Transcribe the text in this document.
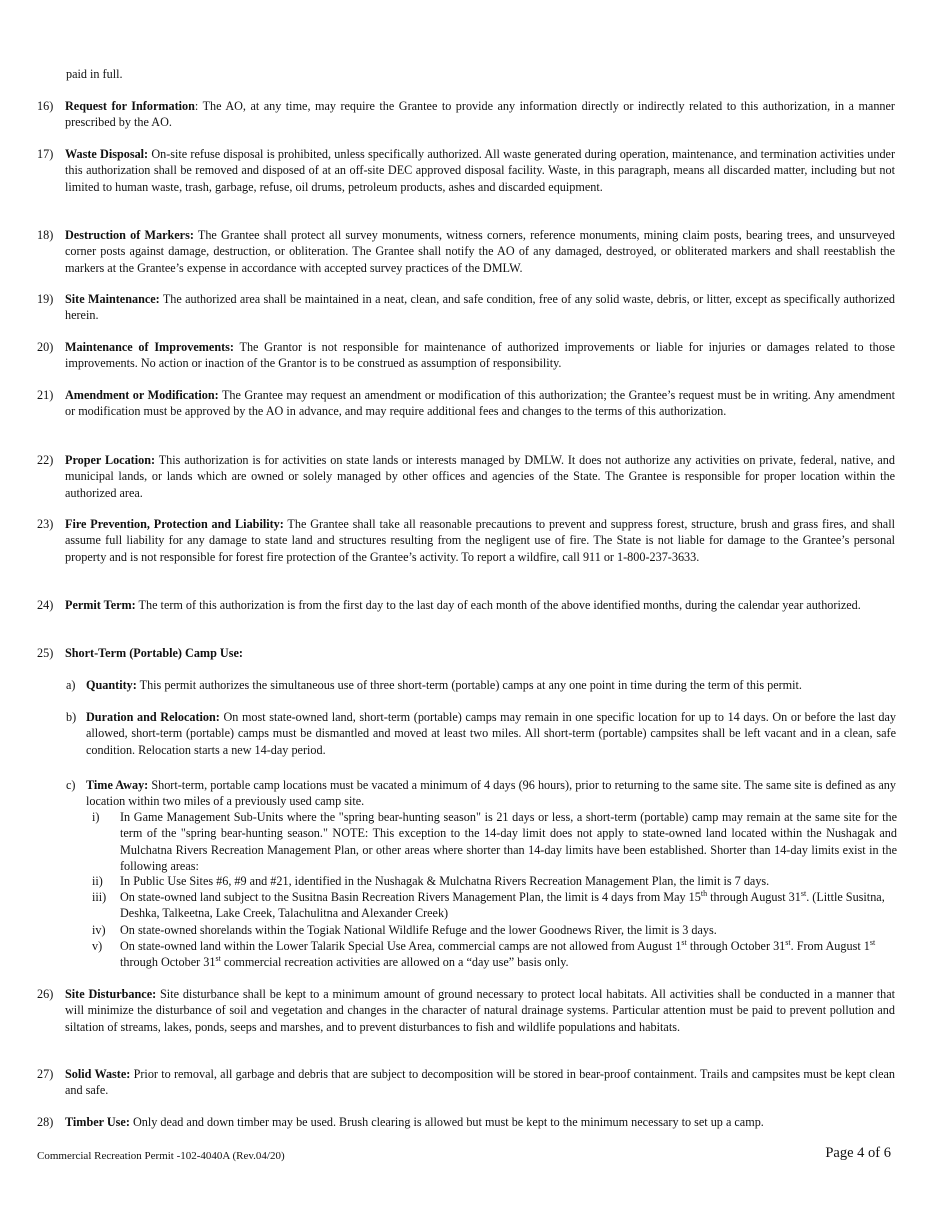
paid in full.

16) Request for Information: The AO, at any time, may require the Grantee to provide any information directly or indirectly related to this authorization, in a manner prescribed by the AO.

17) Waste Disposal: On-site refuse disposal is prohibited, unless specifically authorized. All waste generated during operation, maintenance, and termination activities under this authorization shall be removed and disposed of at an off-site DEC approved disposal facility. Waste, in this paragraph, means all discarded matter, including but not limited to human waste, trash, garbage, refuse, oil drums, petroleum products, ashes and discarded equipment.

18) Destruction of Markers: The Grantee shall protect all survey monuments, witness corners, reference monuments, mining claim posts, bearing trees, and unsurveyed corner posts against damage, destruction, or obliteration. The Grantee shall notify the AO of any damaged, destroyed, or obliterated markers and shall reestablish the markers at the Grantee’s expense in accordance with accepted survey practices of the DMLW.

19) Site Maintenance: The authorized area shall be maintained in a neat, clean, and safe condition, free of any solid waste, debris, or litter, except as specifically authorized herein.

20) Maintenance of Improvements: The Grantor is not responsible for maintenance of authorized improvements or liable for injuries or damages related to those improvements. No action or inaction of the Grantor is to be construed as assumption of responsibility.

21) Amendment or Modification: The Grantee may request an amendment or modification of this authorization; the Grantee’s request must be in writing. Any amendment or modification must be approved by the AO in advance, and may require additional fees and changes to the terms of this authorization.

22) Proper Location: This authorization is for activities on state lands or interests managed by DMLW. It does not authorize any activities on private, federal, native, and municipal lands, or lands which are owned or solely managed by other offices and agencies of the State. The Grantee is responsible for proper location within the authorized area.

23) Fire Prevention, Protection and Liability: The Grantee shall take all reasonable precautions to prevent and suppress forest, structure, brush and grass fires, and shall assume full liability for any damage to state land and structures resulting from the negligent use of fire. The State is not liable for damage to the Grantee’s personal property and is not responsible for forest fire protection of the Grantee’s activity. To report a wildfire, call 911 or 1-800-237-3633.

24) Permit Term: The term of this authorization is from the first day to the last day of each month of the above identified months, during the calendar year authorized.

25) Short-Term (Portable) Camp Use:

a) Quantity: This permit authorizes the simultaneous use of three short-term (portable) camps at any one point in time during the term of this permit.

b) Duration and Relocation: On most state-owned land, short-term (portable) camps may remain in one specific location for up to 14 days. On or before the last day allowed, short-term (portable) camps must be dismantled and moved at least two miles. All short-term (portable) campsites shall be left vacant and in a clean, safe condition. Relocation starts a new 14-day period.

c) Time Away: Short-term, portable camp locations must be vacated a minimum of 4 days (96 hours), prior to returning to the same site. The same site is defined as any location within two miles of a previously used camp site.

i)	In Game Management Sub-Units where the "spring bear-hunting season" is 21 days or less, a short-term (portable) camp may remain at the same site for the term of the "spring bear-hunting season." NOTE: This exception to the 14-day limit does not apply to state-owned land located within the Nushagak and Mulchatna Rivers Recreation Management Plan, or other areas where shorter than 14-day limits have been established. Shorter than 14-day limits exist in the following areas:

ii)	In Public Use Sites #6, #9 and #21, identified in the Nushagak & Mulchatna Rivers Recreation Management Plan, the limit is 7 days.

iii)	On state-owned land subject to the Susitna Basin Recreation Rivers Management Plan, the limit is 4 days from May 15th through August 31st. (Little Susitna, Deshka, Talkeetna, Lake Creek, Talachulitna and Alexander Creek)

iv)	On state-owned shorelands within the Togiak National Wildlife Refuge and the lower Goodnews River, the limit is 3 days.

v)	On state-owned land within the Lower Talarik Special Use Area, commercial camps are not allowed from August 1st through October 31st. From August 1st through October 31st commercial recreation activities are allowed on a “day use” basis only.

26) Site Disturbance: Site disturbance shall be kept to a minimum amount of ground necessary to protect local habitats. All activities shall be conducted in a manner that will minimize the disturbance of soil and vegetation and changes in the character of natural drainage systems. Particular attention must be paid to prevent pollution and siltation of streams, lakes, ponds, seeps and marshes, and to prevent disturbances to fish and wildlife populations and habitats.

27) Solid Waste: Prior to removal, all garbage and debris that are subject to decomposition will be stored in bear-proof containment. Trails and campsites must be kept clean and safe.

28) Timber Use: Only dead and down timber may be used. Brush clearing is allowed but must be kept to the minimum necessary to set up a camp.

Commercial Recreation Permit -102-4040A (Rev.04/20)	Page 4 of 6
